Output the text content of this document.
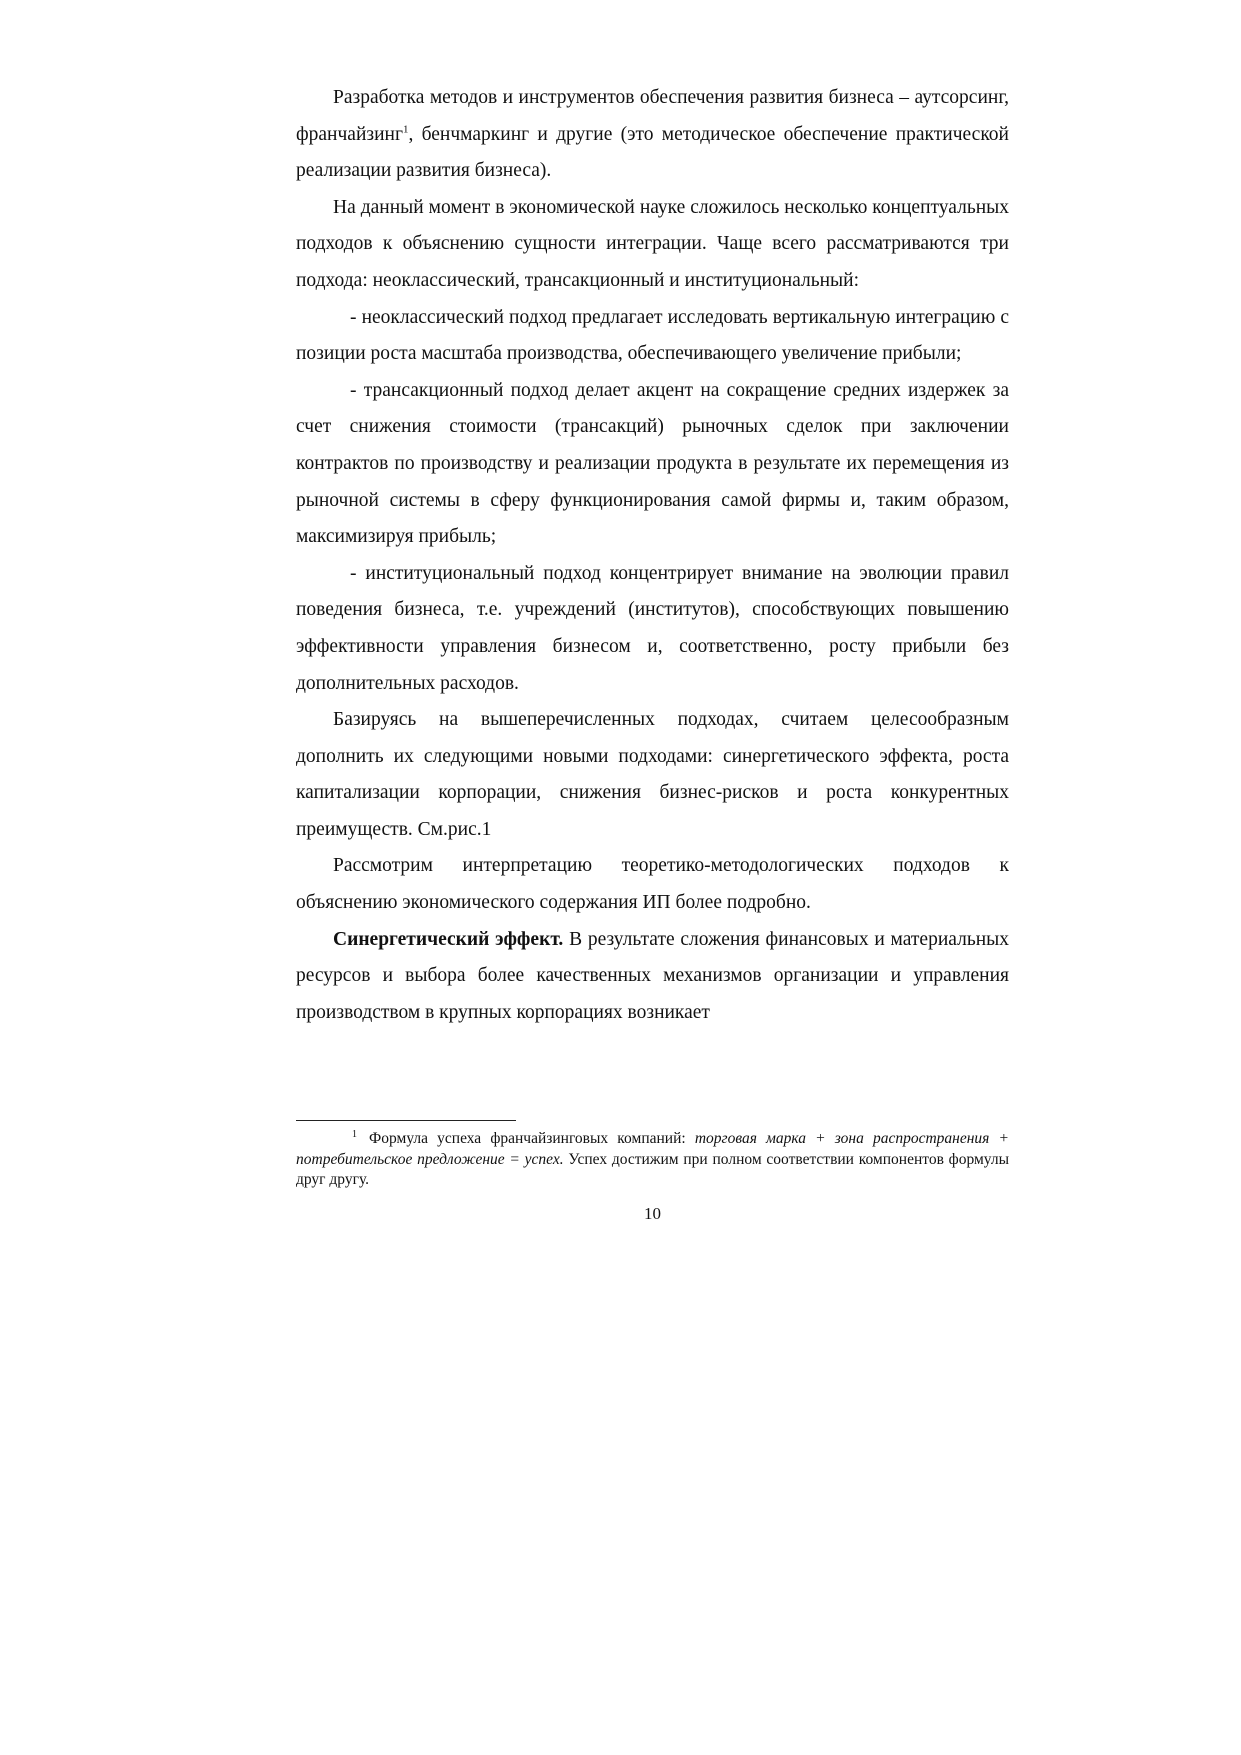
Разработка методов и инструментов обеспечения развития бизнеса – аутсорсинг, франчайзинг$^1$, бенчмаркинг и другие (это методическое обеспечение практической реализации развития бизнеса).

На данный момент в экономической науке сложилось несколько концептуальных подходов к объяснению сущности интеграции. Чаще всего рассматриваются три подхода: неоклассический, трансакционный и институциональный:

- неоклассический подход предлагает исследовать вертикальную интеграцию с позиции роста масштаба производства, обеспечивающего увеличение прибыли;

- трансакционный подход делает акцент на сокращение средних издержек за счет снижения стоимости (трансакций) рыночных сделок при заключении контрактов по производству и реализации продукта в результате их перемещения из рыночной системы в сферу функционирования самой фирмы и, таким образом, максимизируя прибыль;

- институциональный подход концентрирует внимание на эволюции правил поведения бизнеса, т.е. учреждений (институтов), способствующих повышению эффективности управления бизнесом и, соответственно, росту прибыли без дополнительных расходов.

Базируясь на вышеперечисленных подходах, считаем целесообразным дополнить их следующими новыми подходами: синергетического эффекта, роста капитализации корпорации, снижения бизнес-рисков и роста конкурентных преимуществ. См.рис.1

Рассмотрим интерпретацию теоретико-методологических подходов к объяснению экономического содержания ИП более подробно.

Синергетический эффект. В результате сложения финансовых и материальных ресурсов и выбора более качественных механизмов организации и управления производством в крупных корпорациях возникает

$^1$ Формула успеха франчайзинговых компаний: торговая марка + зона распространения + потребительское предложение = успех. Успех достижим при полном соответствии компонентов формулы друг другу.

10
